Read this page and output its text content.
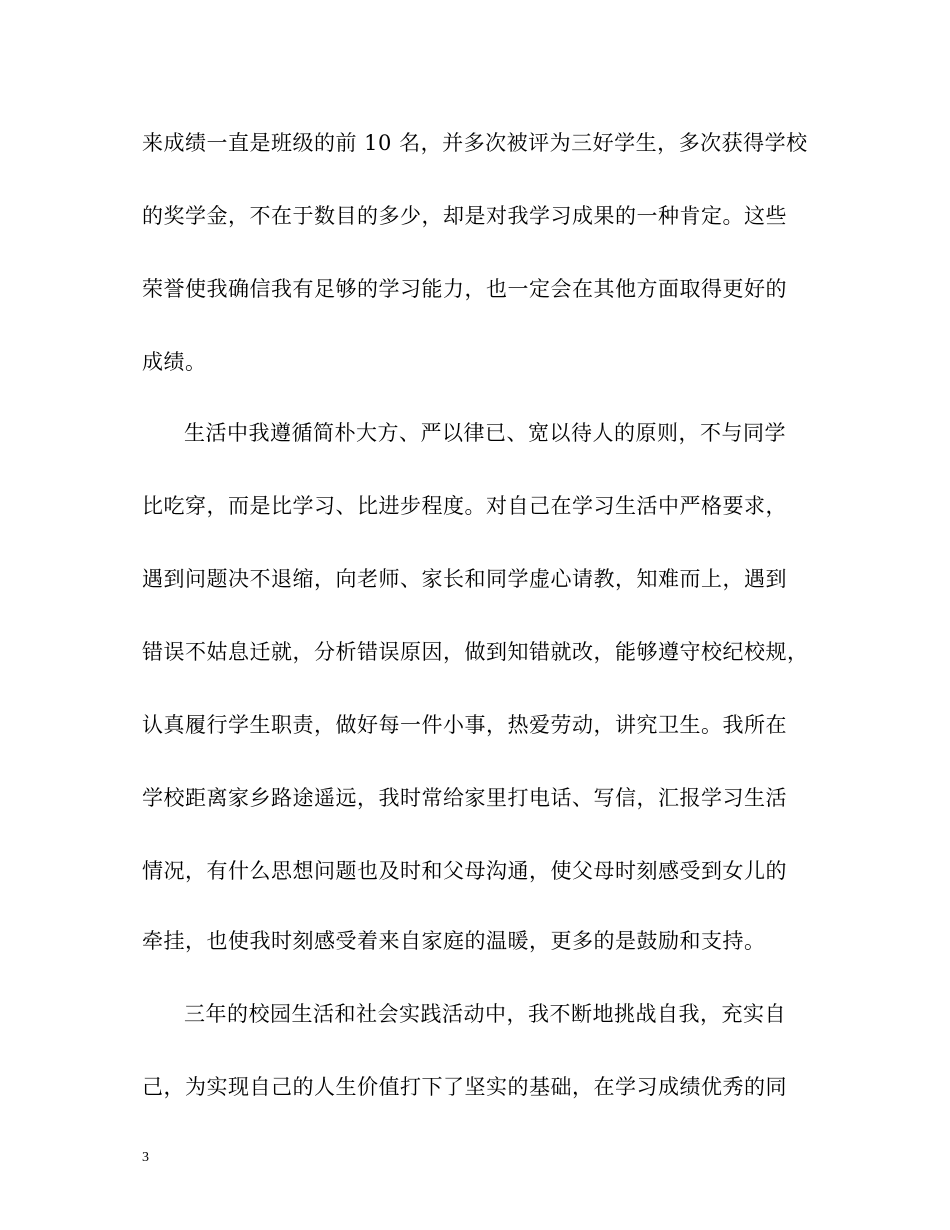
来成绩一直是班级的前 10 名，并多次被评为三好学生，多次获得学校
的奖学金，不在于数目的多少，却是对我学习成果的一种肯定。这些
荣誉使我确信我有足够的学习能力，也一定会在其他方面取得更好的
成绩。
生活中我遵循简朴大方、严以律已、宽以待人的原则，不与同学
比吃穿，而是比学习、比进步程度。对自己在学习生活中严格要求，
遇到问题决不退缩，向老师、家长和同学虚心请教，知难而上，遇到
错误不姑息迁就，分析错误原因，做到知错就改，能够遵守校纪校规，
认真履行学生职责，做好每一件小事，热爱劳动，讲究卫生。我所在
学校距离家乡路途遥远，我时常给家里打电话、写信，汇报学习生活
情况，有什么思想问题也及时和父母沟通，使父母时刻感受到女儿的
牵挂，也使我时刻感受着来自家庭的温暖，更多的是鼓励和支持。
三年的校园生活和社会实践活动中，我不断地挑战自我，充实自
己，为实现自己的人生价值打下了坚实的基础，在学习成绩优秀的同
3
